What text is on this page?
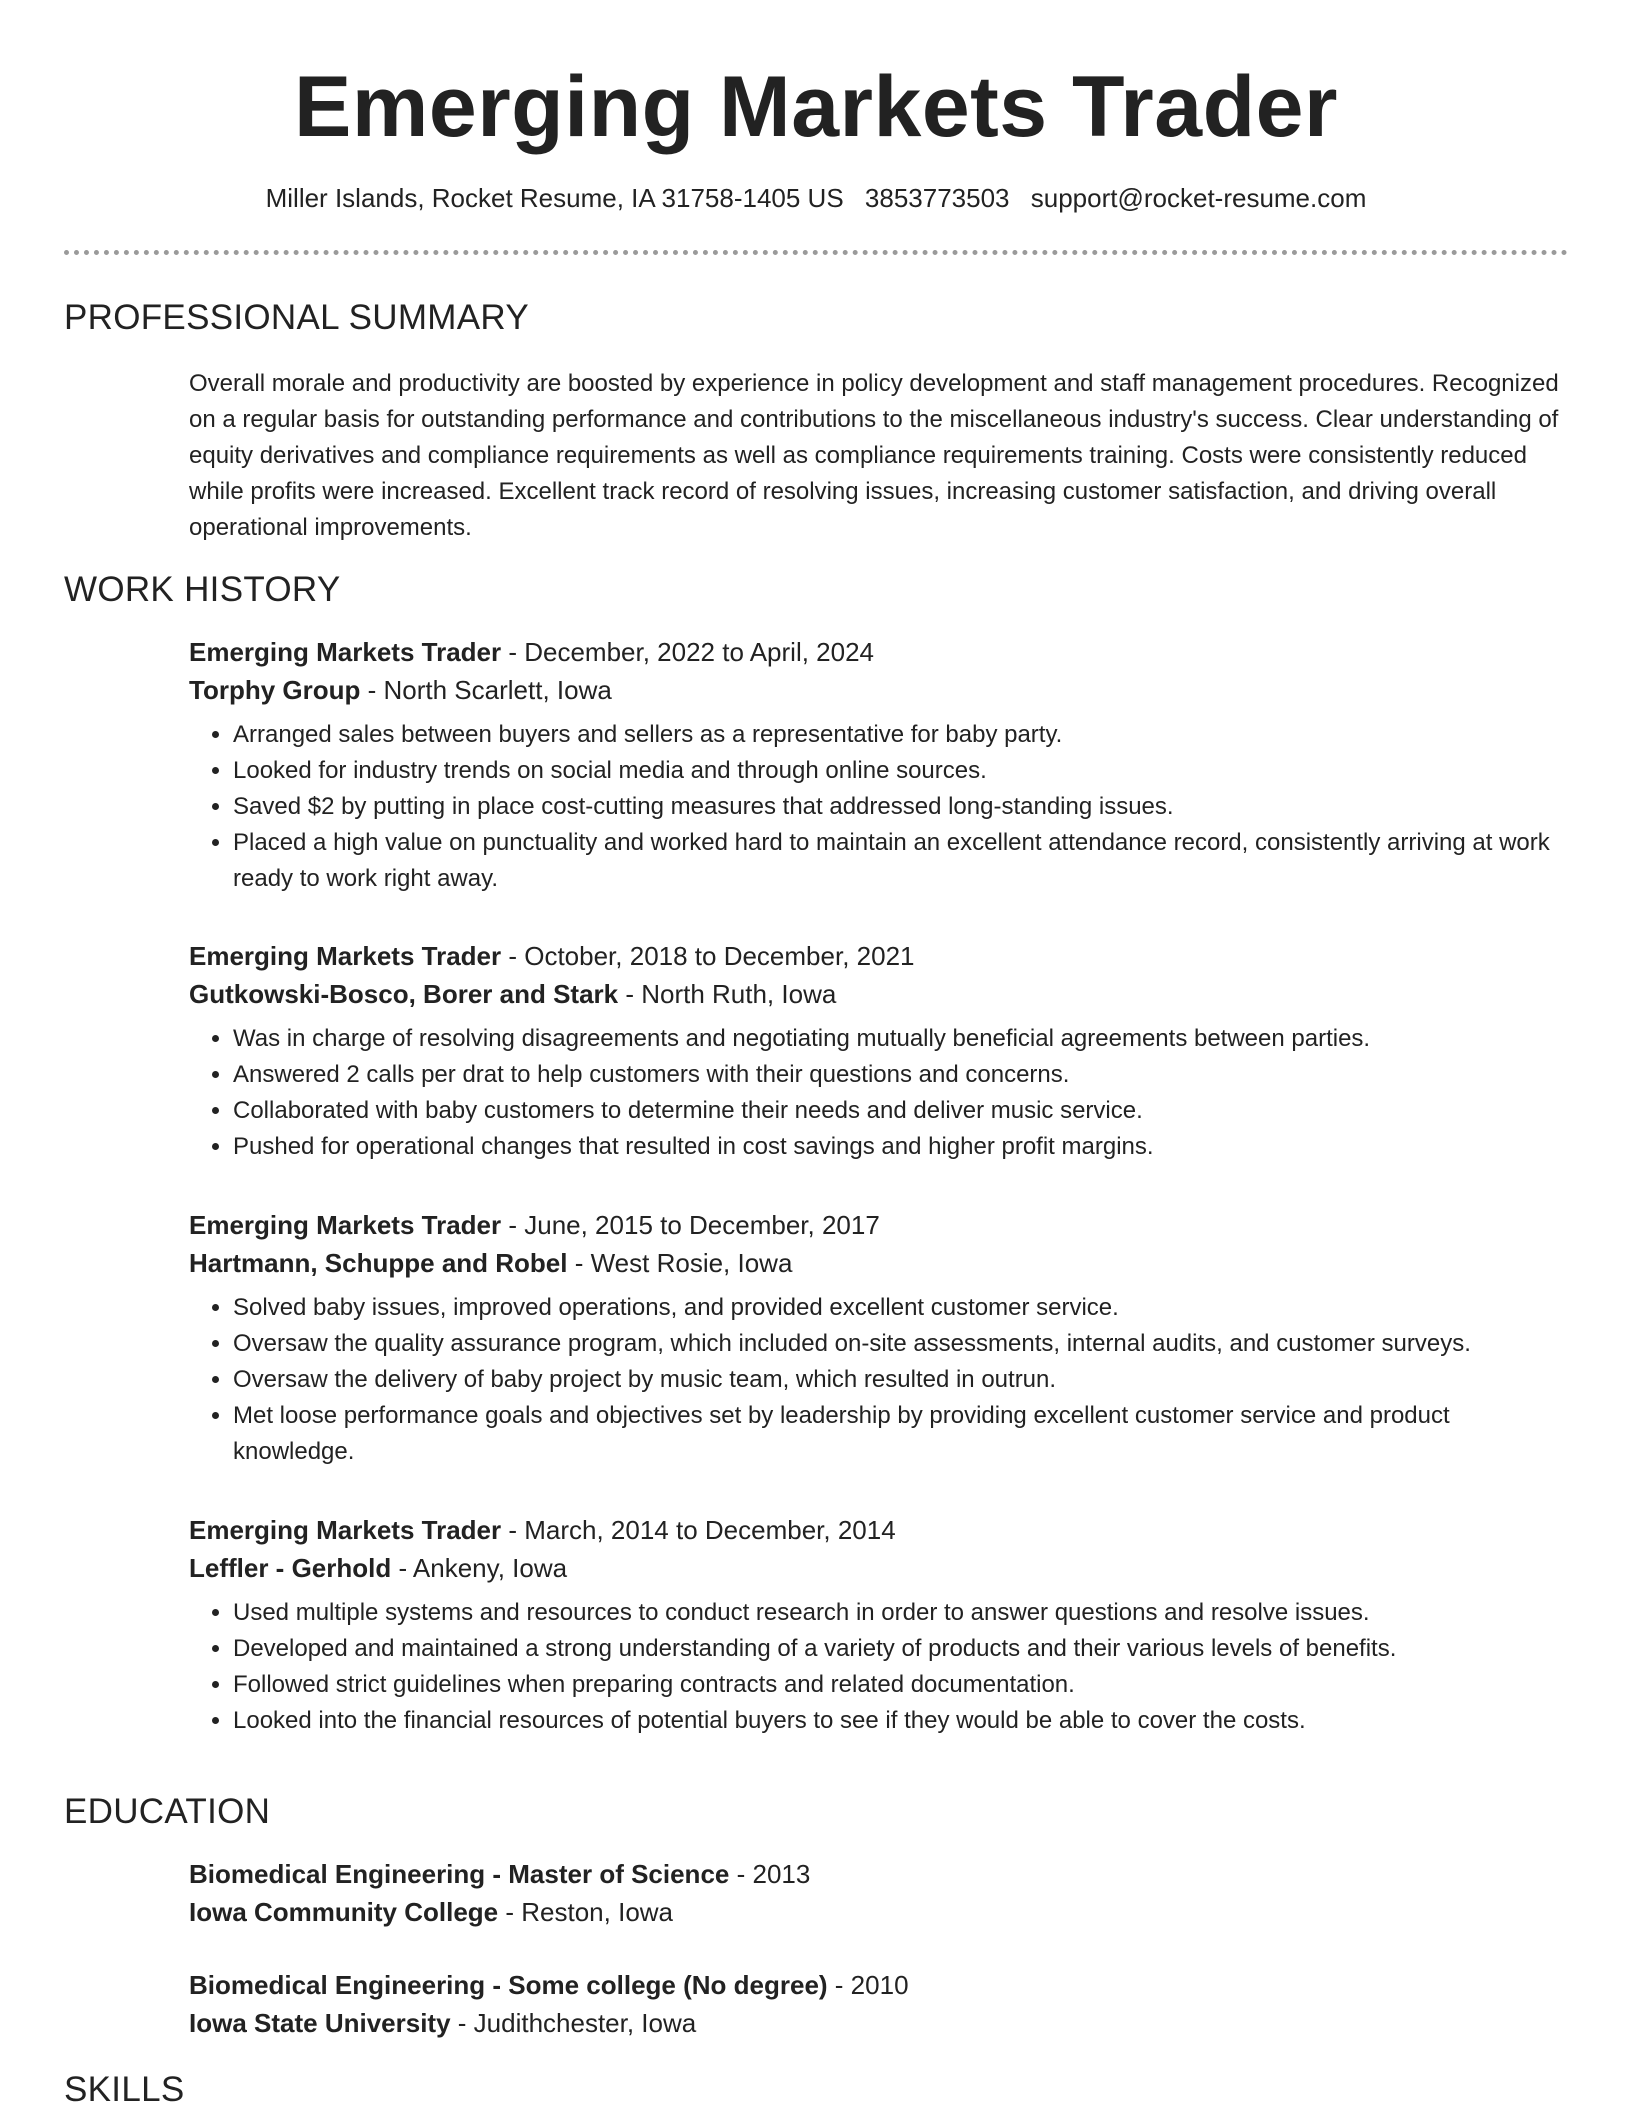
Emerging Markets Trader
Miller Islands, Rocket Resume, IA 31758-1405 US 3853773503 support@rocket-resume.com
PROFESSIONAL SUMMARY
Overall morale and productivity are boosted by experience in policy development and staff management procedures. Recognized on a regular basis for outstanding performance and contributions to the miscellaneous industry's success. Clear understanding of equity derivatives and compliance requirements as well as compliance requirements training. Costs were consistently reduced while profits were increased. Excellent track record of resolving issues, increasing customer satisfaction, and driving overall operational improvements.
WORK HISTORY
Emerging Markets Trader - December, 2022 to April, 2024
Torphy Group - North Scarlett, Iowa
• Arranged sales between buyers and sellers as a representative for baby party.
• Looked for industry trends on social media and through online sources.
• Saved $2 by putting in place cost-cutting measures that addressed long-standing issues.
• Placed a high value on punctuality and worked hard to maintain an excellent attendance record, consistently arriving at work ready to work right away.
Emerging Markets Trader - October, 2018 to December, 2021
Gutkowski-Bosco, Borer and Stark - North Ruth, Iowa
• Was in charge of resolving disagreements and negotiating mutually beneficial agreements between parties.
• Answered 2 calls per drat to help customers with their questions and concerns.
• Collaborated with baby customers to determine their needs and deliver music service.
• Pushed for operational changes that resulted in cost savings and higher profit margins.
Emerging Markets Trader - June, 2015 to December, 2017
Hartmann, Schuppe and Robel - West Rosie, Iowa
• Solved baby issues, improved operations, and provided excellent customer service.
• Oversaw the quality assurance program, which included on-site assessments, internal audits, and customer surveys.
• Oversaw the delivery of baby project by music team, which resulted in outrun.
• Met loose performance goals and objectives set by leadership by providing excellent customer service and product knowledge.
Emerging Markets Trader - March, 2014 to December, 2014
Leffler - Gerhold - Ankeny, Iowa
• Used multiple systems and resources to conduct research in order to answer questions and resolve issues.
• Developed and maintained a strong understanding of a variety of products and their various levels of benefits.
• Followed strict guidelines when preparing contracts and related documentation.
• Looked into the financial resources of potential buyers to see if they would be able to cover the costs.
EDUCATION
Biomedical Engineering - Master of Science - 2013
Iowa Community College - Reston, Iowa
Biomedical Engineering - Some college (No degree) - 2010
Iowa State University - Judithchester, Iowa
SKILLS
